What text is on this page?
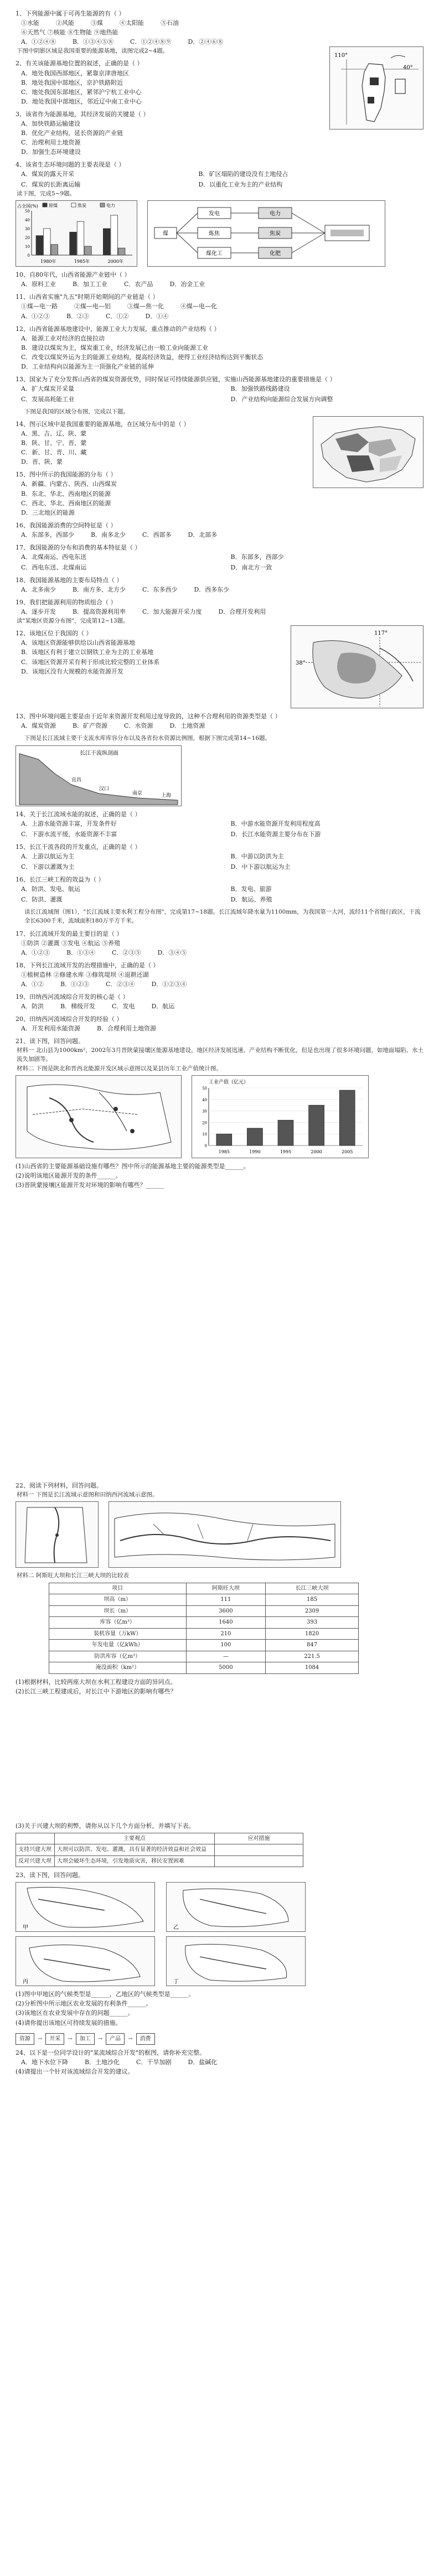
1、下列能源中属于可再生能源的有（ ）
①水能	②风能	③煤	④太阳能	⑤石油
⑥天然气 ⑦核能 ⑧生物能 ⑨地热能
A．①②④⑧	B．①③④⑤⑧	C．①②④⑧⑨	D．②④⑥⑧
下图中阴影区域是我国重要的能源基地，读图完成2~4题。
2、有关该能源基地位置的叙述，正确的是（ ）
A．地处我国西部地区，紧靠京津唐地区
B．地处我国中部地区，京沪铁路附近
C．地处我国东部地区，紧邻沪宁杭工业中心
D．地处我国中部地区，邻近辽中南工业中心
3、该省作为能源基地，其经济发展的关键是（ ）
A．加快铁路运输建设
B．优化产业结构，延长资源的产业链
C．治理利用土地资源
D．加强生态环境建设
110°
40°
4、该省生态环境问题的主要表现是（ ）
A．煤炭的露天开采	B．矿区塌陷的建设没有土地侵占
C．煤炭的长距离运输	D．以重化工业为主的产业结构
读下图，完成5~9题。
占全国(%)
0
10
20
30
40
50
1980年	1985年	2000年
原煤	焦炭	电力
煤
发电
炼焦
煤化工
电力
焦炭
化肥
10、自80年代，山西省能源产业链中（ ）
A．原料工业	B．加工工业	C．农产品	D．冶金工业
11、山西省实施"九五"时期开始期间的产业链是（ ）
①煤—电一路	②煤—电—铝	③煤—焦一化	④煤—电—化
A．①②③	B．②③	C．①②	D．①④
12、山西省能源基地建设中，能源工业大力发展，重点推动的产业结构（ ）
A．能源工业对经济的直接拉动
B．建设以煤炭为主，煤炭重工业，经济发展已由一般工业向能源工业
C．改变以煤炭外运为主的能源工业结构，提高经济效益，使得工业经济结构达到平衡状态
D．工业结构向以能源为主一顶强化产业链的延伸
13、国家为了充分发挥山西省的煤炭资源优势，同时保证可持续能源供应链，实施山西能源基地建设的重要措施是（ ）
A．扩大煤炭开采量	B．加强铁路线路建设
C．发展高耗能工业	D．产业结构向能源综合发展方向调整
下图是我国的区域分布图，完成以下题。
14、图示区域中是我国重要的能源基地，在区域分布中的是（ ）
A．黑、吉、辽、陕、蒙
B．陕、甘、宁、晋、蒙
C．新、甘、青、川、藏
D．晋、陕、蒙
15、图中所示的我国能源的分布（ ）
A．新疆、内蒙古、陕西、山西煤炭
B．东北、华北、西南地区的能源
C．西北、华北、西南地区的能源
D．三北地区的能源
16、我国能源消费的空间特征是（ ）
A．东部多，西部少	B．南多北少	C．西部多	D．北部多
17、我国能源的分布和消费的基本特征是（ ）
A．北煤南运、西电东送	B．东部多，西部少
C．西电东送、北煤南运	D．南北方一致
18、我国能源基地的主要布局特点（ ）
A．北多南少	B．南方多、北方少	C．东多西少	D．西多东少
19、我们把能源利用的物质组合（ ）
A．逐步开发	B．提高资源利用率	C．加大能源开采力度	D．合理开发利用
读"某地区资源分布图"，完成第12~13题。
12、该地区位于我国的（ ）
A．该地区资源能够供给以山西省能源基地
B．该地区有利于建立以钢铁工业为主的工业基地
C．该地区资源开采有利于形成比较完整的工业体系
D．该地区没有大规模的水能资源开发
117°
38°
13、图中环境问题主要是由于近年来资源开发利用过度导致的，这种不合理利用的资源类型是（ ）
A．煤炭资源	B．矿产资源	C．水资源	D．土地资源
下图是长江流域主要干支流水库库容分布以及各省份水资源比例图，根据下图完成第14~16题。
长江干流纵剖面
宜昌
汉口
南京	上海
14、关于长江流域水能的叙述，正确的是（ ）
A．上游水能资源丰富，开发条件好	B．中游水能资源开发利用程度高
C．下游水流平缓，水能资源不丰富	D．长江水能资源主要分布在下游
15、长江干流各段的开发重点，正确的是（ ）
A．上游以航运为主	B．中游以防洪为主
C．下游以灌溉为主	D．中下游以航运为主
16、长江三峡工程的效益为（ ）
A．防洪、发电、航运	B．发电、旅游
C．防洪、灌溉	D．航运、养殖
读长江流域图（图1），"长江流域主要水利工程分布图"，完成第17~18题。长江流域年降水量为1100mm，为我国第一大河，流经11个省级行政区，干流全长6300千米，流域面积180万平方千米。
17、长江流域开发的最主要目的是（ ）
①防洪 ②灌溉 ③发电 ④航运 ⑤养殖
A．①②③	B．①③④	C．②③⑤	D．③④⑤
18、下列长江流域开发的治理措施中，正确的是（ ）
①植树造林 ②修建水库 ③修筑堤坝 ④退耕还湖
A．①②	B．①②③	C．②③④	D．①②③④
19、田纳西河流域综合开发的核心是（ ）
A．防洪	B．梯级开发	C．发电	D．航运
20、田纳西河流域综合开发的经验（ ）
A．开发利用水能资源	B．合理利用土地资源
21、读下图，回答问题。
材料一 北山县为1000km²，2002年3月晋陕蒙接壤区能源基地建设，地区经济发展迅速，产业结构不断优化，但是也出现了很多环境问题，如地面塌陷、水土流失加剧等。
材料二 下图是陕北和晋西北能源开发区域示意图以及某县历年工业产值统计图。
工业产值（亿元）
0
10
20
30
40
50
1985	1990	1995	2000	2005
(1)山西省的主要能源基础设施有哪些？图中所示的能源基地主要的能源类型是______。
(2)说明该地区能源开发的条件______。
(3)晋陕蒙接壤区能源开发对环境的影响有哪些？______
22、阅读下列材料，回答问题。
材料一 下图是长江流域示意图和田纳西河流域示意图。
材料二 阿斯旺大坝和长江三峡大坝的比较表
项目	阿斯旺大坝	长江三峡大坝
坝高（m）	111	185
坝长（m）	3600	2309
库容（亿m³）	1640	393
装机容量（万kW）	210	1820
年发电量（亿kWh）	100	847
防洪库容（亿m³）	—	221.5
淹没面积（km²）	5000	1084
(1)根据材料，比较两座大坝在水利工程建设方面的异同点。
(2)长江三峡工程建成后，对长江中下游地区的影响有哪些？
(3)关于兴建大坝的利弊，请你从以下几个方面分析，并填写下表。
	主要观点	应对措施
支持兴建大坝	大坝可以防洪、发电、灌溉，具有显著的经济效益和社会效益	
反对兴建大坝	大坝会破坏生态环境，引发地质灾害，移民安置困难	
23、读下图，回答问题。
甲	乙
丙	丁
(1)图中甲地区的气候类型是______，乙地区的气候类型是______。
(2)分析图中所示地区农业发展的有利条件______。
(3)该地区在农业发展中存在的问题______。
(4)请你提出该地区可持续发展的措施。
资源	→	开采	→	加工	→	产品	→	消费
24、以下是一位同学设计的"某流域综合开发"的框图，请你补充完整。
A．地下水位下降	B．土地沙化	C．干旱加剧	D．盐碱化
(4)请提出一个针对该流域综合开发的建议。
